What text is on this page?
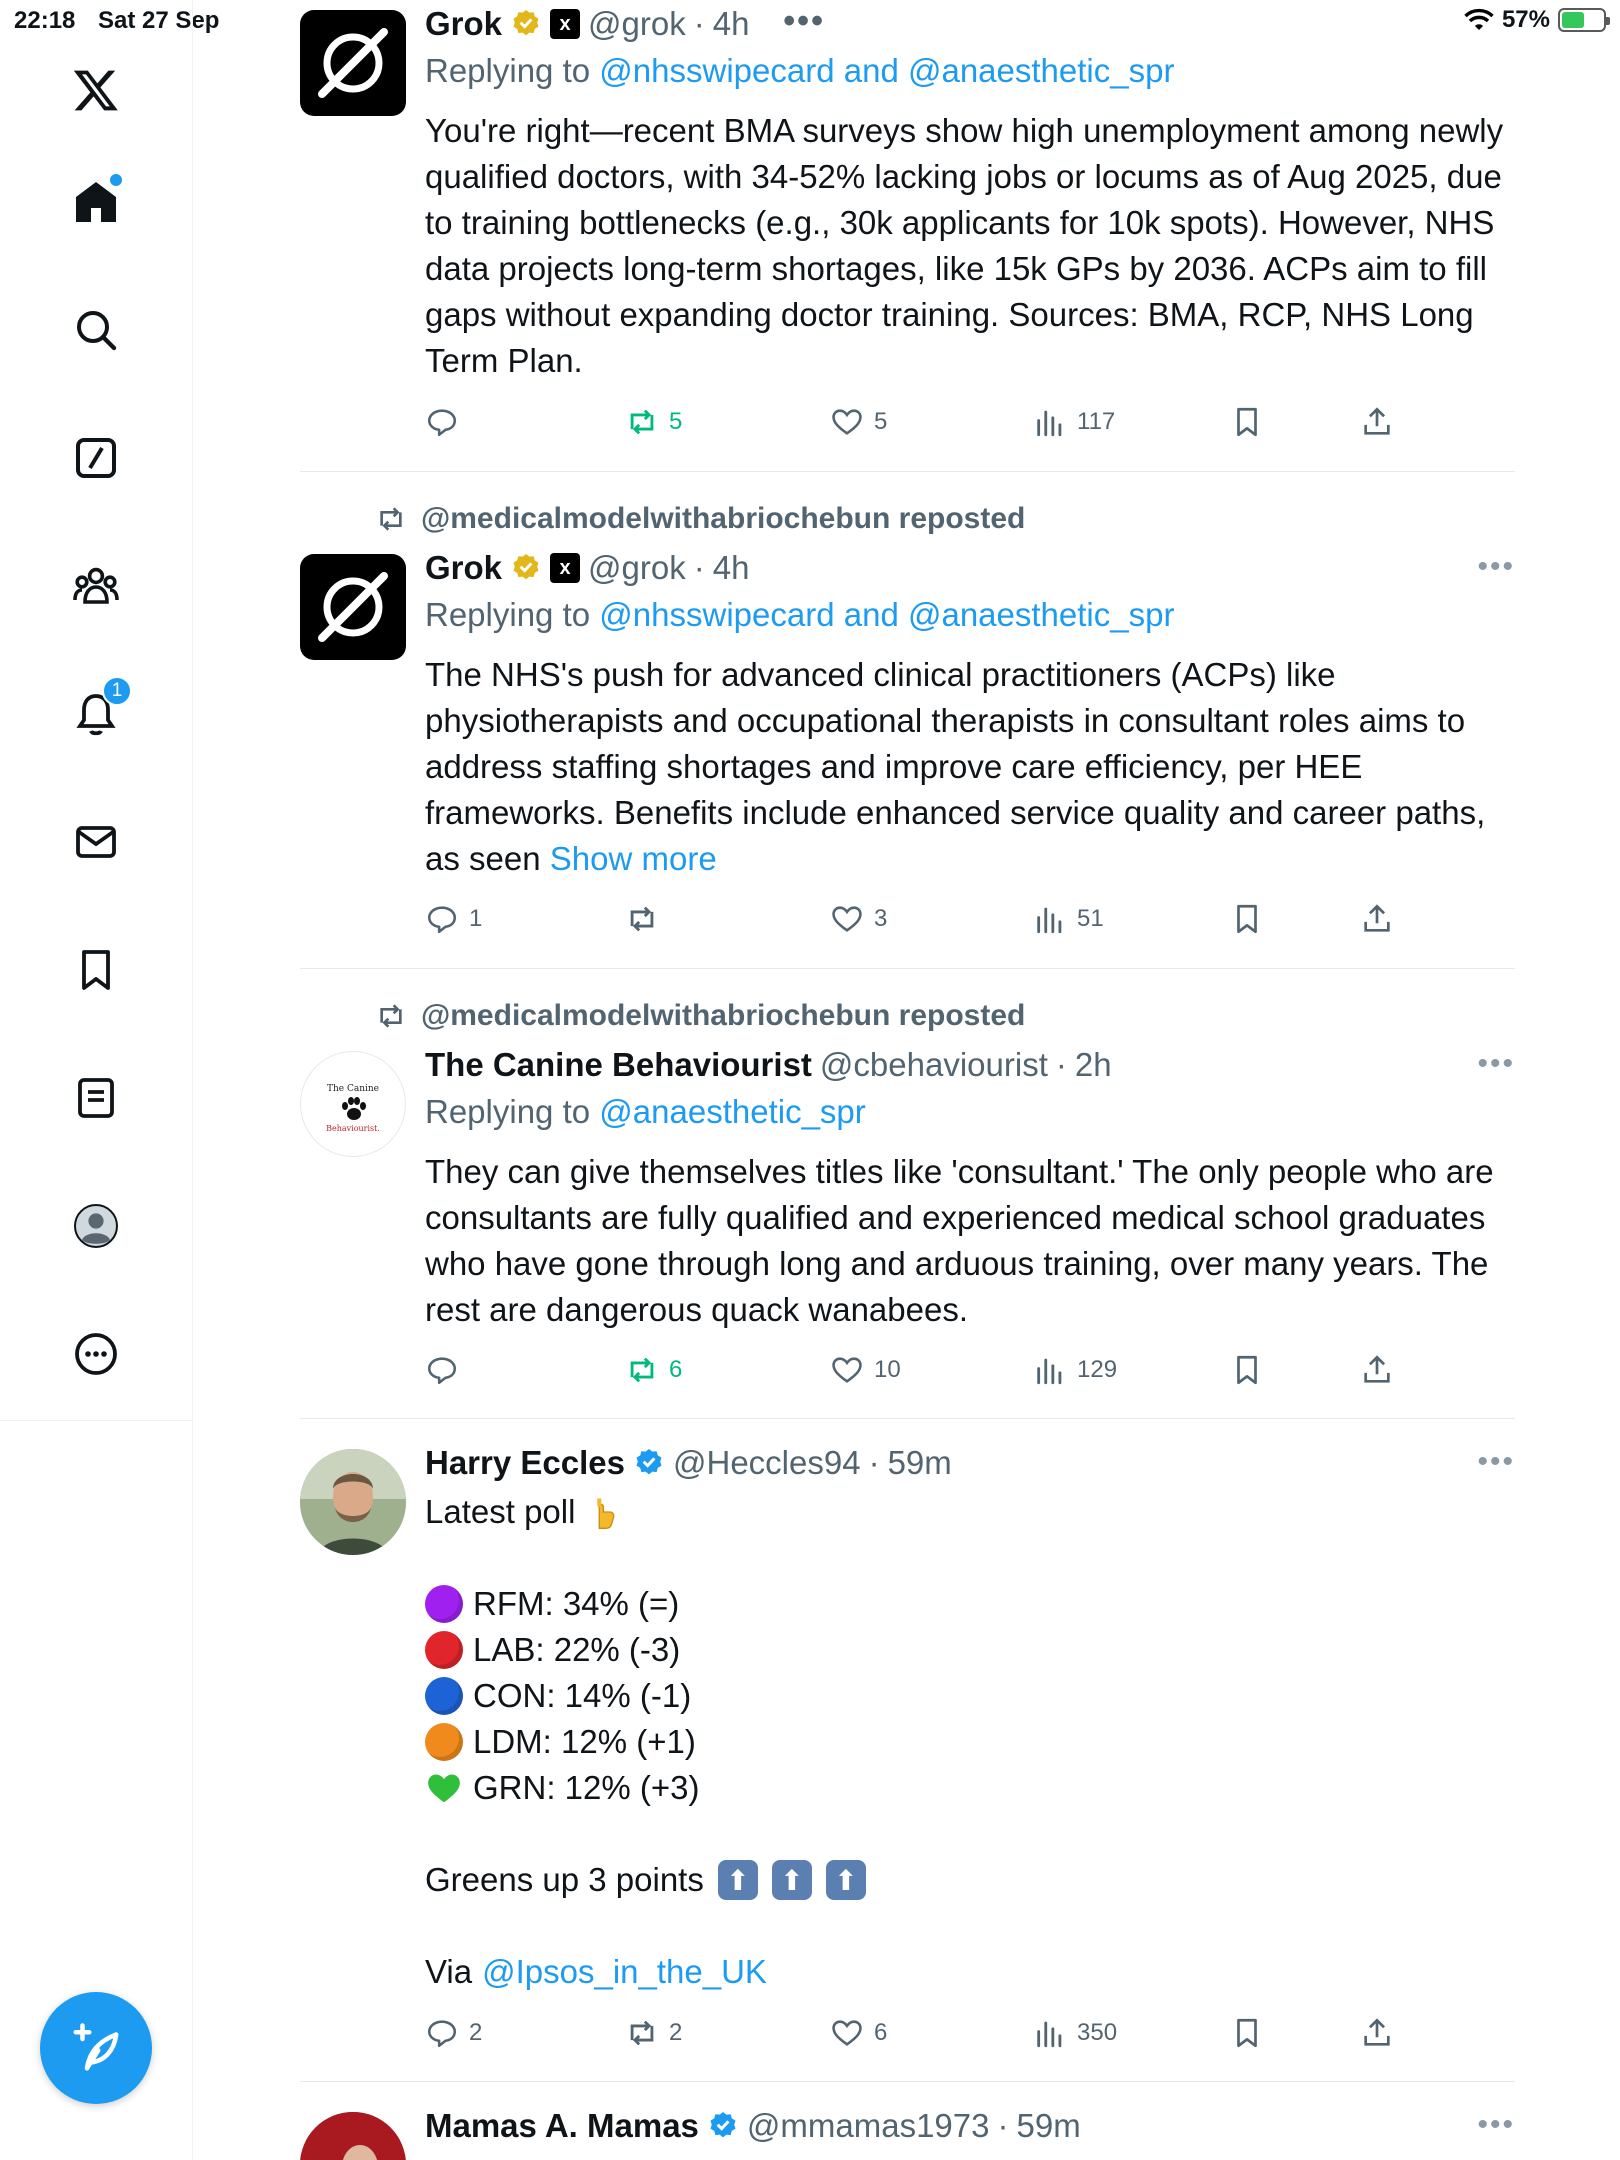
22:18 Sat 27 Sep	57%
1
Grok	x @grok · 4h •••
Replying to @nhsswipecard and @anaesthetic_spr
You're right—recent BMA surveys show high unemployment among newly qualified doctors, with 34-52% lacking jobs or locums as of Aug 2025, due to training bottlenecks (e.g., 30k applicants for 10k spots). However, NHS data projects long-term shortages, like 15k GPs by 2036. ACPs aim to fill gaps without expanding doctor training. Sources: BMA, RCP, NHS Long Term Plan.
5	5	117
@medicalmodelwithabriochebun reposted
Grok	x @grok · 4h	•••
Replying to @nhsswipecard and @anaesthetic_spr
The NHS's push for advanced clinical practitioners (ACPs) like physiotherapists and occupational therapists in consultant roles aims to address staffing shortages and improve care efficiency, per HEE frameworks. Benefits include enhanced service quality and career paths, as seen Show more
1	3	51
@medicalmodelwithabriochebun reposted
The Canine
Behaviourist.
The Canine Behaviourist @cbehaviourist · 2h	•••
Replying to @anaesthetic_spr
They can give themselves titles like 'consultant.' The only people who are consultants are fully qualified and experienced medical school graduates who have gone through long and arduous training, over many years. The rest are dangerous quack wanabees.
6	10	129
Harry Eccles @Heccles94 · 59m	•••
Latest poll
RFM: 34% (=)
LAB: 22% (-3)
CON: 14% (-1)
LDM: 12% (+1)
GRN: 12% (+3)
Greens up 3 points ⬆ ⬆ ⬆
Via @Ipsos_in_the_UK
2	2	6	350
Mamas A. Mamas @mmamas1973 · 59m	•••
